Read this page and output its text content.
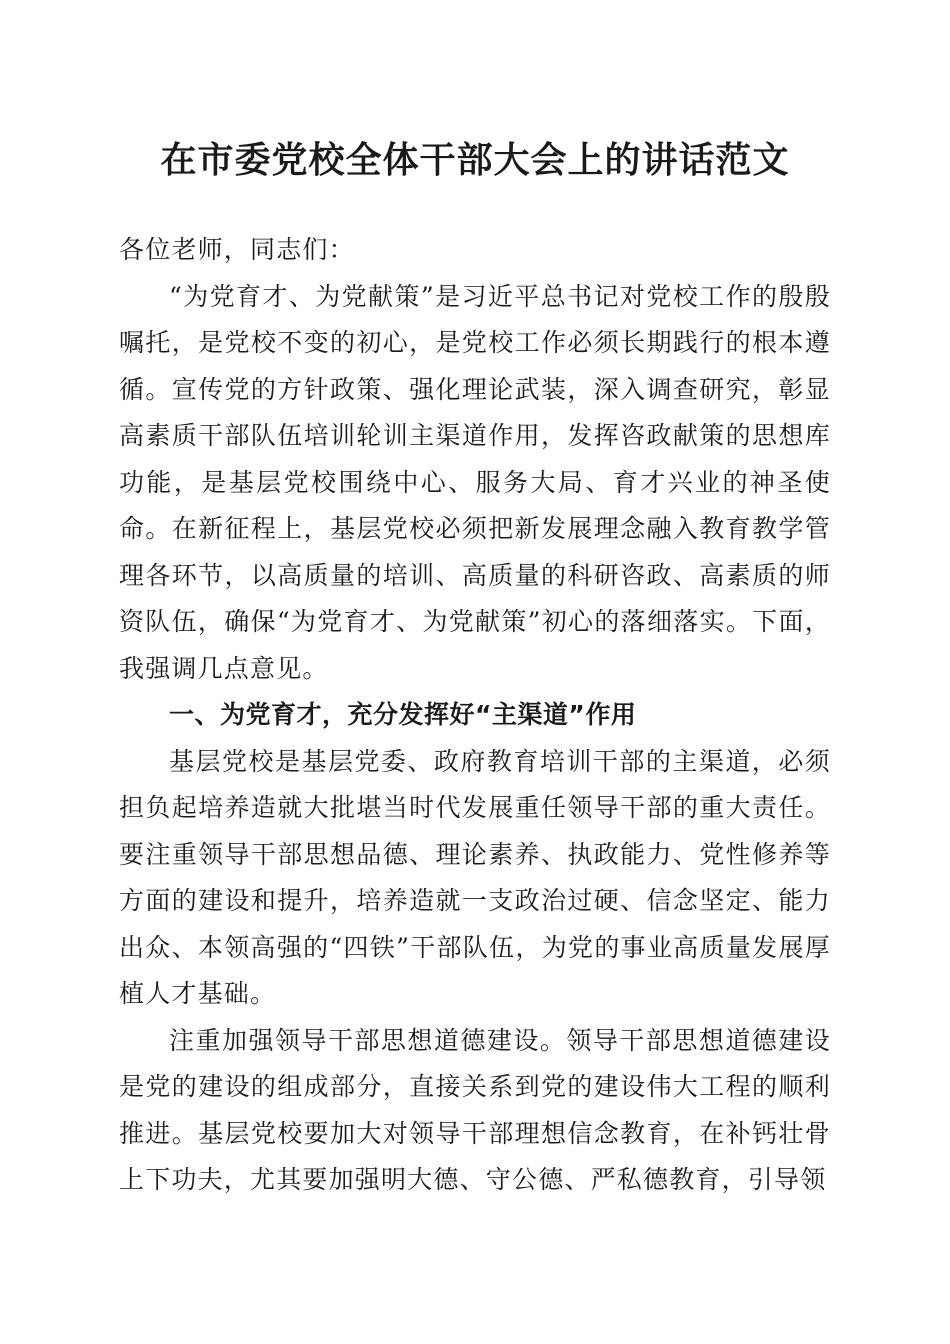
在市委党校全体干部大会上的讲话范文

各位老师，同志们：

“为党育才、为党献策”是习近平总书记对党校工作的殷殷嘱托，是党校不变的初心，是党校工作必须长期践行的根本遵循。宣传党的方针政策、强化理论武装，深入调查研究，彰显高素质干部队伍培训轮训主渠道作用，发挥咨政献策的思想库功能，是基层党校围绕中心、服务大局、育才兴业的神圣使命。在新征程上，基层党校必须把新发展理念融入教育教学管理各环节，以高质量的培训、高质量的科研咨政、高素质的师资队伍，确保“为党育才、为党献策”初心的落细落实。下面，我强调几点意见。

一、为党育才，充分发挥好“主渠道”作用

基层党校是基层党委、政府教育培训干部的主渠道，必须担负起培养造就大批堪当时代发展重任领导干部的重大责任。要注重领导干部思想品德、理论素养、执政能力、党性修养等方面的建设和提升，培养造就一支政治过硬、信念坚定、能力出众、本领高强的“四铁”干部队伍，为党的事业高质量发展厚植人才基础。

注重加强领导干部思想道德建设。领导干部思想道德建设是党的建设的组成部分，直接关系到党的建设伟大工程的顺利推进。基层党校要加大对领导干部理想信念教育，在补钙壮骨上下功夫，尤其要加强明大德、守公德、严私德教育，引导领
